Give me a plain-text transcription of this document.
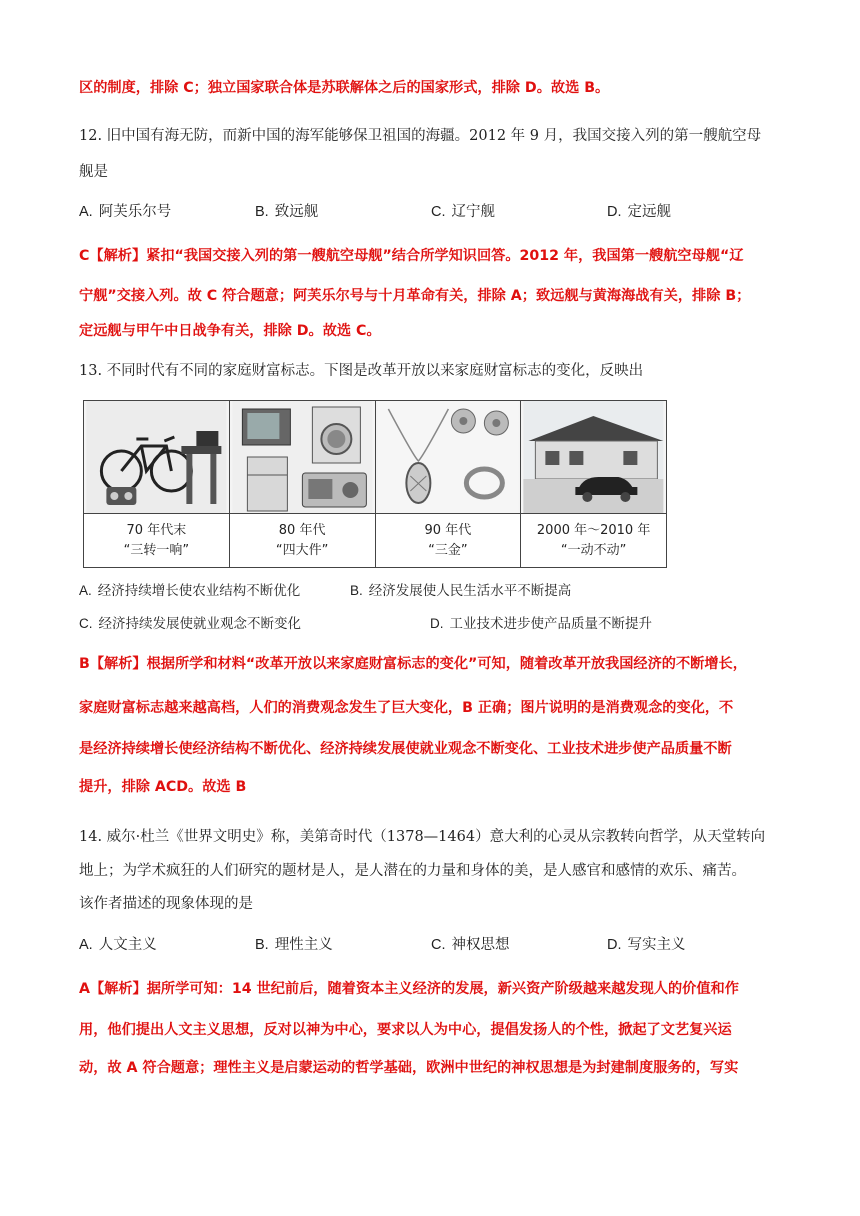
区的制度，排除 C；独立国家联合体是苏联解体之后的国家形式，排除 D。故选 B。
12. 旧中国有海无防，而新中国的海军能够保卫祖国的海疆。2012 年 9 月，我国交接入列的第一艘航空母
舰是
A. 阿芙乐尔号	B. 致远舰	C. 辽宁舰	D. 定远舰
C【解析】紧扣“我国交接入列的第一艘航空母舰”结合所学知识回答。2012 年，我国第一艘航空母舰“辽
宁舰”交接入列。故 C 符合题意；阿芙乐尔号与十月革命有关，排除 A；致远舰与黄海海战有关，排除 B；
定远舰与甲午中日战争有关，排除 D。故选 C。
13. 不同时代有不同的家庭财富标志。下图是改革开放以来家庭财富标志的变化，反映出
70 年代末
“三转一响”
80 年代
“四大件”
90 年代
“三金”
2000 年～2010 年
“一动不动”
A. 经济持续增长使农业结构不断优化	B. 经济发展使人民生活水平不断提高
C. 经济持续发展使就业观念不断变化	D. 工业技术进步使产品质量不断提升
B【解析】根据所学和材料“改革开放以来家庭财富标志的变化”可知，随着改革开放我国经济的不断增长，
家庭财富标志越来越高档，人们的消费观念发生了巨大变化，B 正确；图片说明的是消费观念的变化，不
是经济持续增长使经济结构不断优化、经济持续发展使就业观念不断变化、工业技术进步使产品质量不断
提升，排除 ACD。故选 B
14. 威尔·杜兰《世界文明史》称，美第奇时代（1378—1464）意大利的心灵从宗教转向哲学，从天堂转向
地上；为学术疯狂的人们研究的题材是人，是人潜在的力量和身体的美，是人感官和感情的欢乐、痛苦。
该作者描述的现象体现的是
A. 人文主义	B. 理性主义	C. 神权思想	D. 写实主义
A【解析】据所学可知：14 世纪前后，随着资本主义经济的发展，新兴资产阶级越来越发现人的价值和作
用，他们提出人文主义思想，反对以神为中心，要求以人为中心，提倡发扬人的个性，掀起了文艺复兴运
动，故 A 符合题意；理性主义是启蒙运动的哲学基础，欧洲中世纪的神权思想是为封建制度服务的，写实
